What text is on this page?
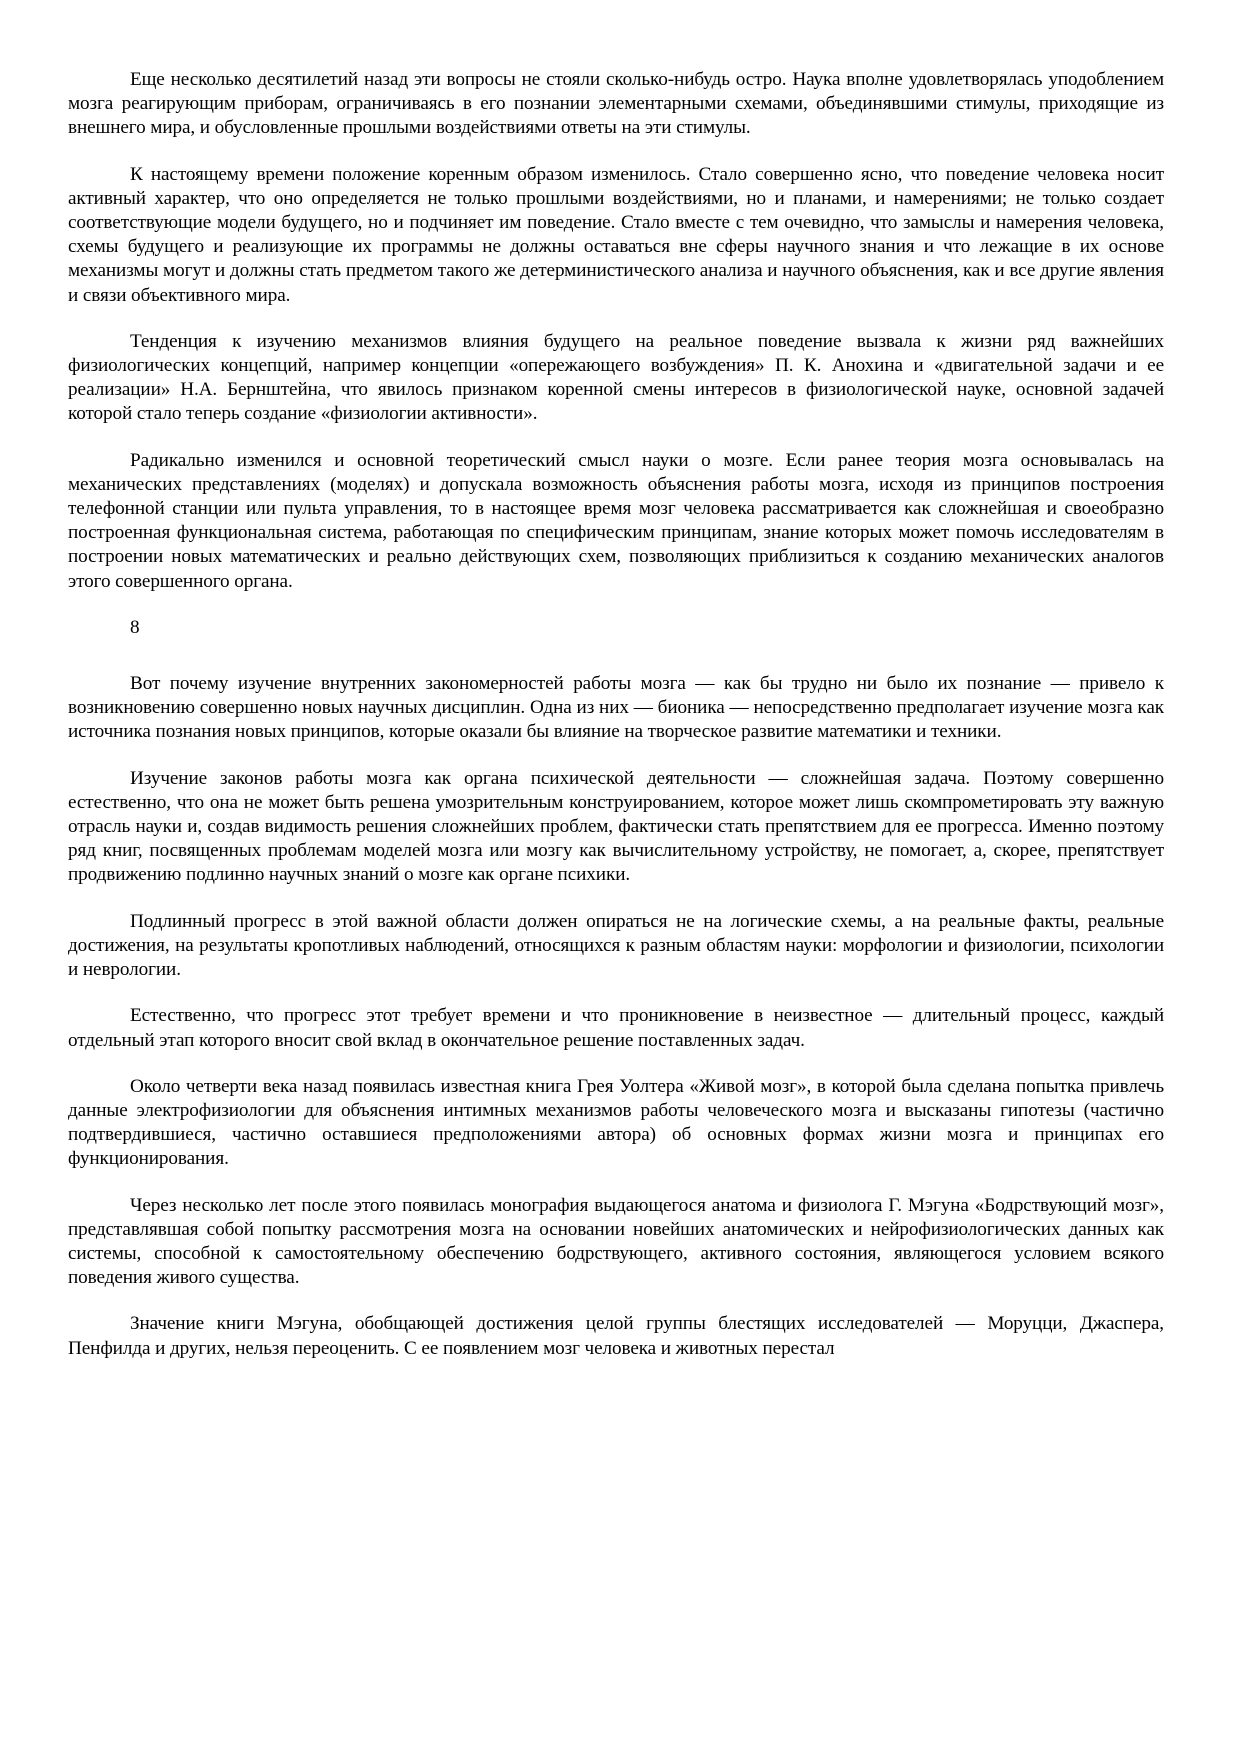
Еще несколько десятилетий назад эти вопросы не стояли сколько-нибудь остро. Наука вполне удовлетворялась уподоблением мозга реагирующим приборам, ограничиваясь в его познании элементарными схемами, объединявшими стимулы, приходящие из внешнего мира, и обусловленные прошлыми воздействиями ответы на эти стимулы.

К настоящему времени положение коренным образом изменилось. Стало совершенно ясно, что поведение человека носит активный характер, что оно определяется не только прошлыми воздействиями, но и планами, и намерениями; не только создает соответствующие модели будущего, но и подчиняет им поведение. Стало вместе с тем очевидно, что замыслы и намерения человека, схемы будущего и реализующие их программы не должны оставаться вне сферы научного знания и что лежащие в их основе механизмы могут и должны стать предметом такого же детерминистического анализа и научного объяснения, как и все другие явления и связи объективного мира.

Тенденция к изучению механизмов влияния будущего на реальное поведение вызвала к жизни ряд важнейших физиологических концепций, например концепции «опережающего возбуждения» П. К. Анохина и «двигательной задачи и ее реализации» Н.А. Бернштейна, что явилось признаком коренной смены интересов в физиологической науке, основной задачей которой стало теперь создание «физиологии активности».

Радикально изменился и основной теоретический смысл науки о мозге. Если ранее теория мозга основывалась на механических представлениях (моделях) и допускала возможность объяснения работы мозга, исходя из принципов построения телефонной станции или пульта управления, то в настоящее время мозг человека рассматривается как сложнейшая и своеобразно построенная функциональная система, работающая по специфическим принципам, знание которых может помочь исследователям в построении новых математических и реально действующих схем, позволяющих приблизиться к созданию механических аналогов этого совершенного органа.

8

Вот почему изучение внутренних закономерностей работы мозга — как бы трудно ни было их познание — привело к возникновению совершенно новых научных дисциплин. Одна из них — бионика — непосредственно предполагает изучение мозга как источника познания новых принципов, которые оказали бы влияние на творческое развитие математики и техники.

Изучение законов работы мозга как органа психической деятельности — сложнейшая задача. Поэтому совершенно естественно, что она не может быть решена умозрительным конструированием, которое может лишь скомпрометировать эту важную отрасль науки и, создав видимость решения сложнейших проблем, фактически стать препятствием для ее прогресса. Именно поэтому ряд книг, посвященных проблемам моделей мозга или мозгу как вычислительному устройству, не помогает, а, скорее, препятствует продвижению подлинно научных знаний о мозге как органе психики.

Подлинный прогресс в этой важной области должен опираться не на логические схемы, а на реальные факты, реальные достижения, на результаты кропотливых наблюдений, относящихся к разным областям науки: морфологии и физиологии, психологии и неврологии.

Естественно, что прогресс этот требует времени и что проникновение в неизвестное — длительный процесс, каждый отдельный этап которого вносит свой вклад в окончательное решение поставленных задач.

Около четверти века назад появилась известная книга Грея Уолтера «Живой мозг», в которой была сделана попытка привлечь данные электрофизиологии для объяснения интимных механизмов работы человеческого мозга и высказаны гипотезы (частично подтвердившиеся, частично оставшиеся предположениями автора) об основных формах жизни мозга и принципах его функционирования.

Через несколько лет после этого появилась монография выдающегося анатома и физиолога Г. Мэгуна «Бодрствующий мозг», представлявшая собой попытку рассмотрения мозга на основании новейших анатомических и нейрофизиологических данных как системы, способной к самостоятельному обеспечению бодрствующего, активного состояния, являющегося условием всякого поведения живого существа.

Значение книги Мэгуна, обобщающей достижения целой группы блестящих исследователей — Моруцци, Джаспера, Пенфилда и других, нельзя переоценить. С ее появлением мозг человека и животных перестал
